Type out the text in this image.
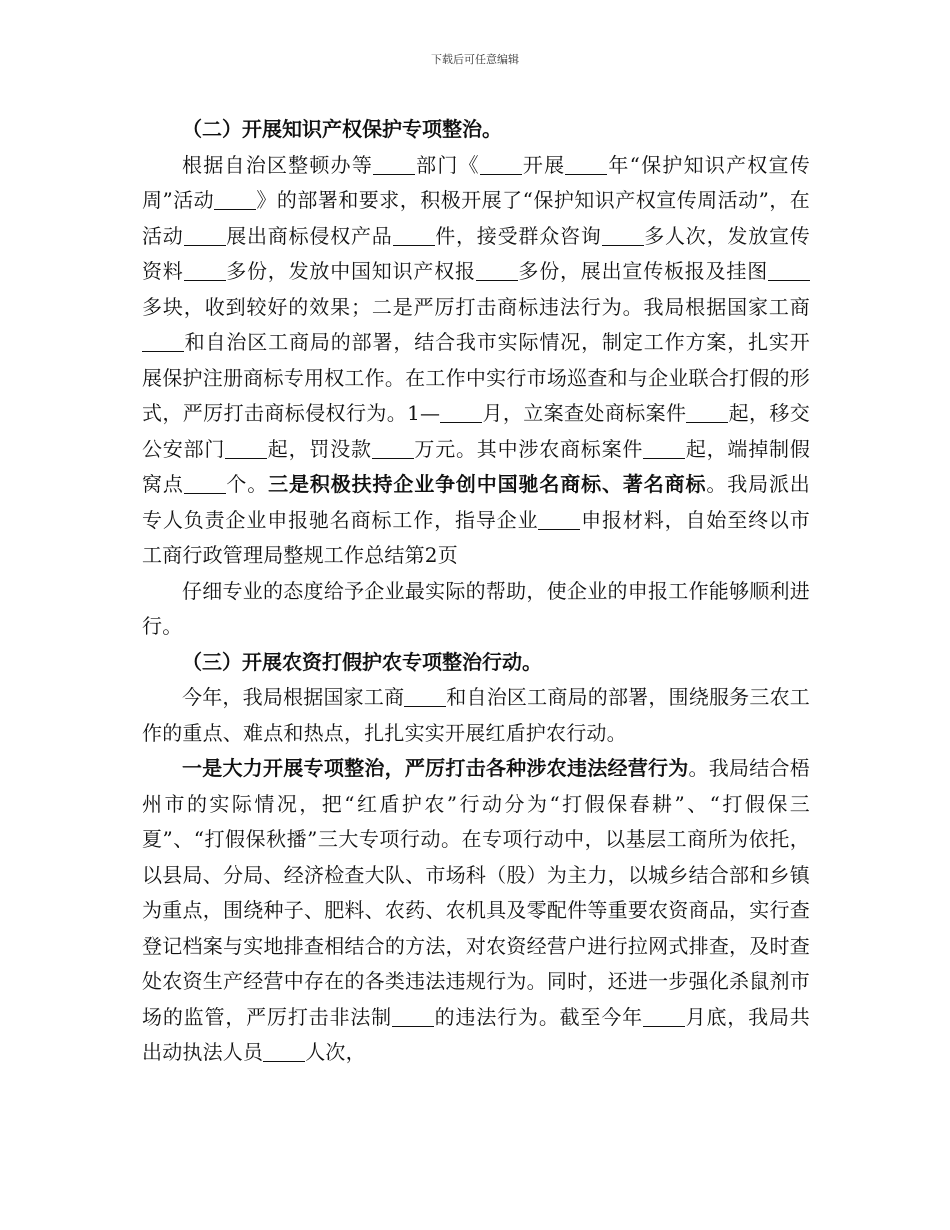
下载后可任意编辑

（二）开展知识产权保护专项整治。

根据自治区整顿办等 部门《 开展 年“保护知识产权宣传周”活动 》的部署和要求，积极开展了“保护知识产权宣传周活动”，在活动 展出商标侵权产品 件，接受群众咨询 多人次，发放宣传资料 多份，发放中国知识产权报 多份，展出宣传板报及挂图多块，收到较好的效果；二是严厉打击商标违法行为。我局根据国家工商和自治区工商局的部署，结合我市实际情况，制定工作方案，扎实开展保护注册商标专用权工作。在工作中实行市场巡查和与企业联合打假的形式，严厉打击商标侵权行为。1— 月，立案查处商标案件 起，移交公安部门 起，罚没款 万元。其中涉农商标案件 起，端掉制假窝点 个。三是积极扶持企业争创中国驰名商标、著名商标。我局派出专人负责企业申报驰名商标工作，指导企业 申报材料，自始至终以市工商行政管理局整规工作总结第2页

仔细专业的态度给予企业最实际的帮助，使企业的申报工作能够顺利进行。

（三）开展农资打假护农专项整治行动。

今年，我局根据国家工商 和自治区工商局的部署，围绕服务三农工作的重点、难点和热点，扎扎实实开展红盾护农行动。

一是大力开展专项整治，严厉打击各种涉农违法经营行为。我局结合梧州市的实际情况，把“红盾护农”行动分为“打假保春耕”、“打假保三夏”、“打假保秋播”三大专项行动。在专项行动中，以基层工商所为依托，以县局、分局、经济检查大队、市场科（股）为主力，以城乡结合部和乡镇为重点，围绕种子、肥料、农药、农机具及零配件等重要农资商品，实行查登记档案与实地排查相结合的方法，对农资经营户进行拉网式排查，及时查处农资生产经营中存在的各类违法违规行为。同时，还进一步强化杀鼠剂市场的监管，严厉打击非法制 的违法行为。截至今年 月底，我局共出动执法人员 人次，
